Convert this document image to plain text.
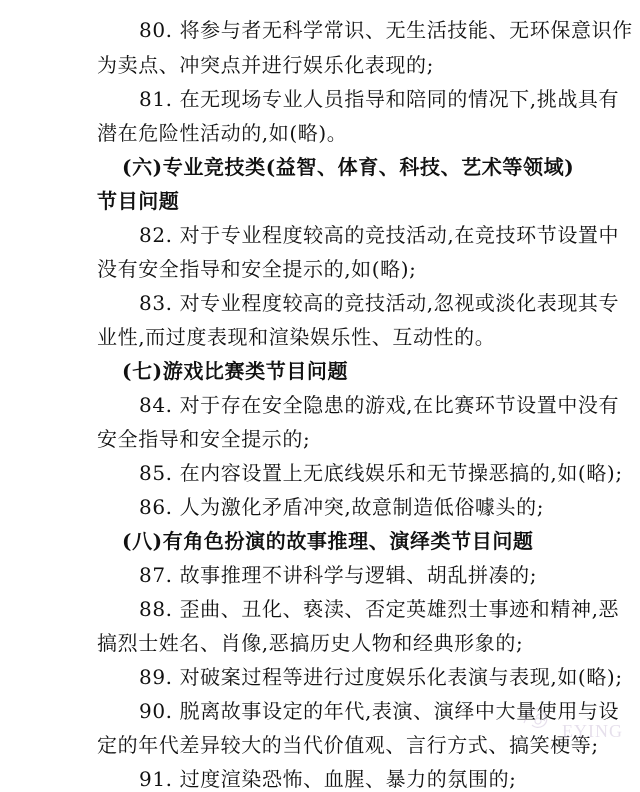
80. 将参与者无科学常识、无生活技能、无环保意识作
为卖点、冲突点并进行娱乐化表现的;
81. 在无现场专业人员指导和陪同的情况下,挑战具有
潜在危险性活动的,如(略)。
(六)专业竞技类(益智、体育、科技、艺术等领域)
节目问题
82. 对于专业程度较高的竞技活动,在竞技环节设置中
没有安全指导和安全提示的,如(略);
83. 对专业程度较高的竞技活动,忽视或淡化表现其专
业性,而过度表现和渲染娱乐性、互动性的。
(七)游戏比赛类节目问题
84. 对于存在安全隐患的游戏,在比赛环节设置中没有
安全指导和安全提示的;
85. 在内容设置上无底线娱乐和无节操恶搞的,如(略);
86. 人为激化矛盾冲突,故意制造低俗噱头的;
(八)有角色扮演的故事推理、演绎类节目问题
87. 故事推理不讲科学与逻辑、胡乱拼凑的;
88. 歪曲、丑化、亵渎、否定英雄烈士事迹和精神,恶
搞烈士姓名、肖像,恶搞历史人物和经典形象的;
89. 对破案过程等进行过度娱乐化表演与表现,如(略);
90. 脱离故事设定的年代,表演、演绎中大量使用与设
定的年代差异较大的当代价值观、言行方式、搞笑梗等;
91. 过度渲染恐怖、血腥、暴力的氛围的;
EYING
